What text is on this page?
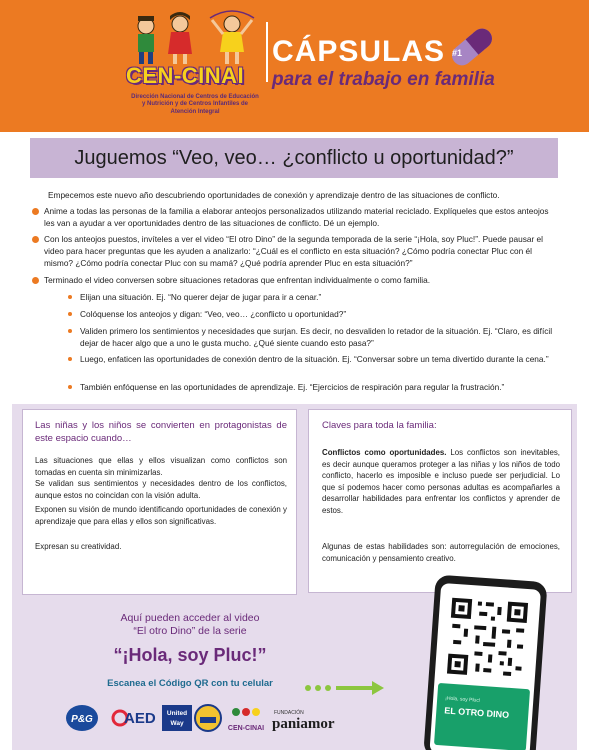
CEN-CINAI
Dirección Nacional de Centros de Educación y Nutrición y de Centros Infantiles de Atención Integral
CÁPSULAS
para el trabajo en familia
#1
Juguemos “Veo, veo… ¿conflicto u oportunidad?”
Empecemos este nuevo año descubriendo oportunidades de conexión y aprendizaje dentro de las situaciones de conflicto.
Anime a todas las personas de la familia a elaborar anteojos personalizados utilizando material reciclado. Explíqueles que estos anteojos les van a ayudar a ver oportunidades dentro de las situaciones de conflicto. Dé un ejemplo.
Con los anteojos puestos, invíteles a ver el video “El otro Dino” de la segunda temporada de la serie “¡Hola, soy Pluc!”. Puede pausar el video para hacer preguntas que les ayuden a analizarlo: “¿Cuál es el conflicto en esta situación? ¿Cómo podría conectar Pluc con él mismo? ¿Cómo podría conectar Pluc con su mamá? ¿Qué podría aprender Pluc en esta situación?”
Terminado el video conversen sobre situaciones retadoras que enfrentan individualmente o como familia.
Elijan una situación. Ej. “No querer dejar de jugar para ir a cenar.”
Colóquense los anteojos y digan: “Veo, veo… ¿conflicto u oportunidad?”
Validen primero los sentimientos y necesidades que surjan. Es decir, no desvaliden lo retador de la situación. Ej. “Claro, es difícil dejar de hacer algo que a uno le gusta mucho. ¿Qué siente cuando esto pasa?”
Luego, enfaticen las oportunidades de conexión dentro de la situación. Ej. “Conversar sobre un tema divertido durante la cena.”
También enfóquense en las oportunidades de aprendizaje. Ej. “Ejercicios de respiración para regular la frustración.”
Las niñas y los niños se convierten en protagonistas de este espacio cuando…
Las situaciones que ellas y ellos visualizan como conflictos son tomadas en cuenta sin minimizarlas.
Se validan sus sentimientos y necesidades dentro de los conflictos, aunque estos no coincidan con la visión adulta.
Exponen su visión de mundo identificando oportunidades de conexión y aprendizaje que para ellas y ellos son significativas.
Expresan su creatividad.
Claves para toda la familia:
Conflictos como oportunidades. Los conflictos son inevitables, es decir aunque queramos proteger a las niñas y los niños de todo conflicto, hacerlo es imposible e incluso puede ser perjudicial. Lo que sí podemos hacer como personas adultas es acompañarles a desarrollar habilidades para enfrentar los conflictos y aprender de estos.
Algunas de estas habilidades son: autorregulación de emociones, comunicación y pensamiento creativo.
Aquí pueden acceder al video
“El otro Dino” de la serie
“¡Hola, soy Pluc!”
Escanea el Código QR con tu celular
¡Hola, soy Pluc!
EL OTRO DINO
P&G AED United
Way
CEN-CINAI
FUNDACIÓN
paniamor
